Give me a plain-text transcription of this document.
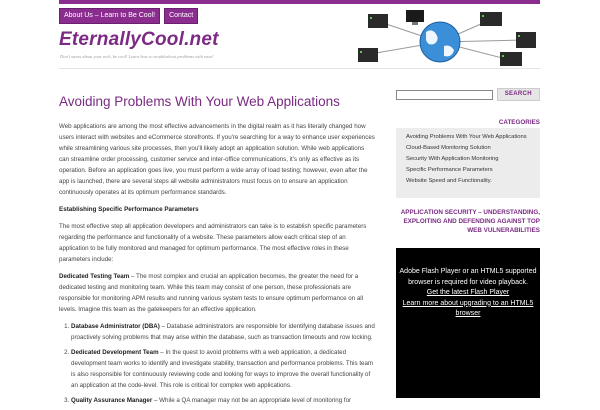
About Us – Learn to Be Cool!	Contact
EternallyCool.net
Don't stress about your tech, be cool! Learn how to troubleshoot problems with ease!
Avoiding Problems With Your Web Applications

Web applications are among the most effective advancements in the digital realm as it has literally changed how users interact with websites and eCommerce storefronts. If you're searching for a way to enhance user experiences while streamlining various site processes, then you'll likely adopt an application solution. While web applications can streamline order processing, customer service and inter-office communications, it's only as effective as its operation. Before an application goes live, you must perform a wide array of load testing; however, even after the app is launched, there are several steps all website administrators must focus on to ensure an application continuously operates at its optimum performance standards.

Establishing Specific Performance Parameters

The most effective step all application developers and administrators can take is to establish specific parameters regarding the performance and functionality of a website. These parameters allow each critical step of an application to be fully monitored and managed for optimum performance. The most effective roles in these parameters include:

Dedicated Testing Team – The most complex and crucial an application becomes, the greater the need for a dedicated testing and monitoring team. While this team may consist of one person, these professionals are responsible for monitoring APM results and running various system tests to ensure optimum performance on all levels. Imagine this team as the gatekeepers for an effective application.

1. Database Administrator (DBA) – Database administrators are responsible for identifying database issues and proactively solving problems that may arise within the database, such as transaction timeouts and row locking.
2. Dedicated Development Team – In the quest to avoid problems with a web application, a dedicated development team works to identify and investigate stability, transaction and performance problems. This team is also responsible for continuously reviewing code and looking for ways to improve the overall functionality of an application at the code-level. This role is critical for complex web applications.
3. Quality Assurance Manager – While a QA manager may not be an appropriate level of monitoring for
SEARCH
CATEGORIES
Avoiding Problems With Your Web Applications
Cloud-Based Monitoring Solution
Security With Application Monitoring
Specific Performance Parameters
Website Speed and Functionality.
APPLICATION SECURITY – UNDERSTANDING, EXPLOITING AND DEFENDING AGAINST TOP WEB VULNERABILITIES
Adobe Flash Player or an HTML5 supported browser is required for video playback.
Get the latest Flash Player
Learn more about upgrading to an HTML5 browser
